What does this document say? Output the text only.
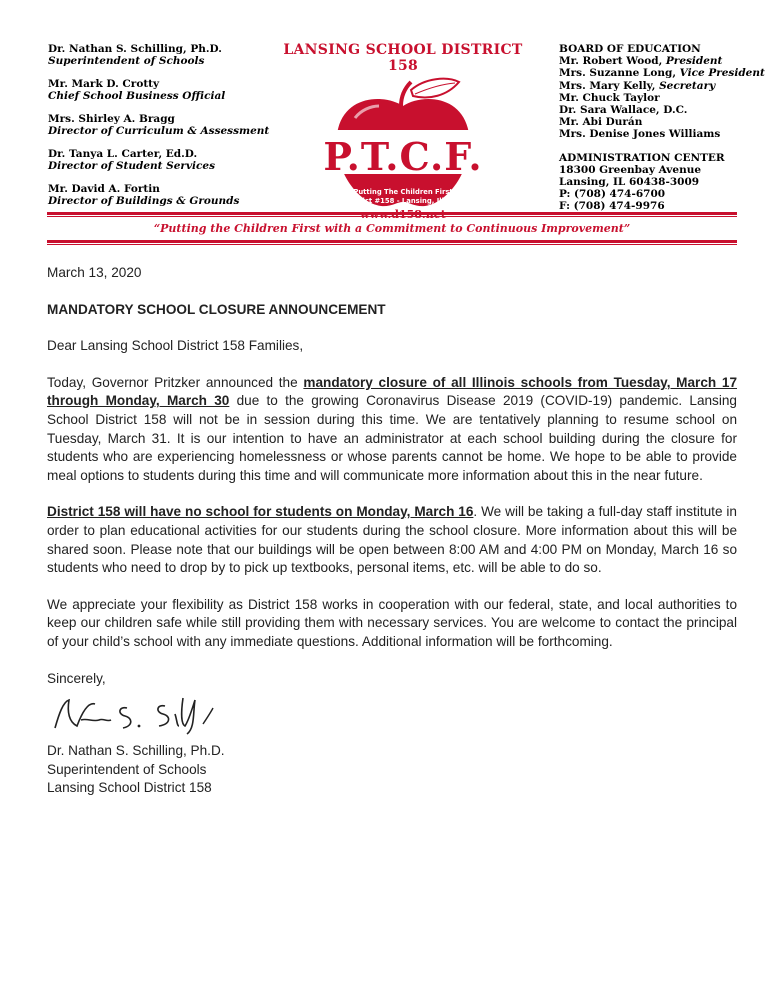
Dr. Nathan S. Schilling, Ph.D.
Superintendent of Schools
Mr. Mark D. Crotty
Chief School Business Official
Mrs. Shirley A. Bragg
Director of Curriculum & Assessment
Dr. Tanya L. Carter, Ed.D.
Director of Student Services
Mr. David A. Fortin
Director of Buildings & Grounds
LANSING SCHOOL DISTRICT 158
P.T.C.F.
Putting The Children First
District #158 - Lansing, Illinois
BOARD OF EDUCATION
Mr. Robert Wood, President
Mrs. Suzanne Long, Vice President
Mrs. Mary Kelly, Secretary
Mr. Chuck Taylor
Dr. Sara Wallace, D.C.
Mr. Abi Durán
Mrs. Denise Jones Williams
ADMINISTRATION CENTER
18300 Greenbay Avenue
Lansing, IL 60438-3009
P: (708) 474-6700
F: (708) 474-9976
“Putting the Children First with a Commitment to Continuous Improvement”

March 13, 2020

MANDATORY SCHOOL CLOSURE ANNOUNCEMENT

Dear Lansing School District 158 Families,

Today, Governor Pritzker announced the mandatory closure of all Illinois schools from Tuesday, March 17 through Monday, March 30 due to the growing Coronavirus Disease 2019 (COVID-19) pandemic. Lansing School District 158 will not be in session during this time. We are tentatively planning to resume school on Tuesday, March 31. It is our intention to have an administrator at each school building during the closure for students who are experiencing homelessness or whose parents cannot be home. We hope to be able to provide meal options to students during this time and will communicate more information about this in the near future.

District 158 will have no school for students on Monday, March 16. We will be taking a full-day staff institute in order to plan educational activities for our students during the school closure. More information about this will be shared soon. Please note that our buildings will be open between 8:00 AM and 4:00 PM on Monday, March 16 so students who need to drop by to pick up textbooks, personal items, etc. will be able to do so.

We appreciate your flexibility as District 158 works in cooperation with our federal, state, and local authorities to keep our children safe while still providing them with necessary services. You are welcome to contact the principal of your child’s school with any immediate questions. Additional information will be forthcoming.

Sincerely,

Dr. Nathan S. Schilling, Ph.D.
Superintendent of Schools
Lansing School District 158
